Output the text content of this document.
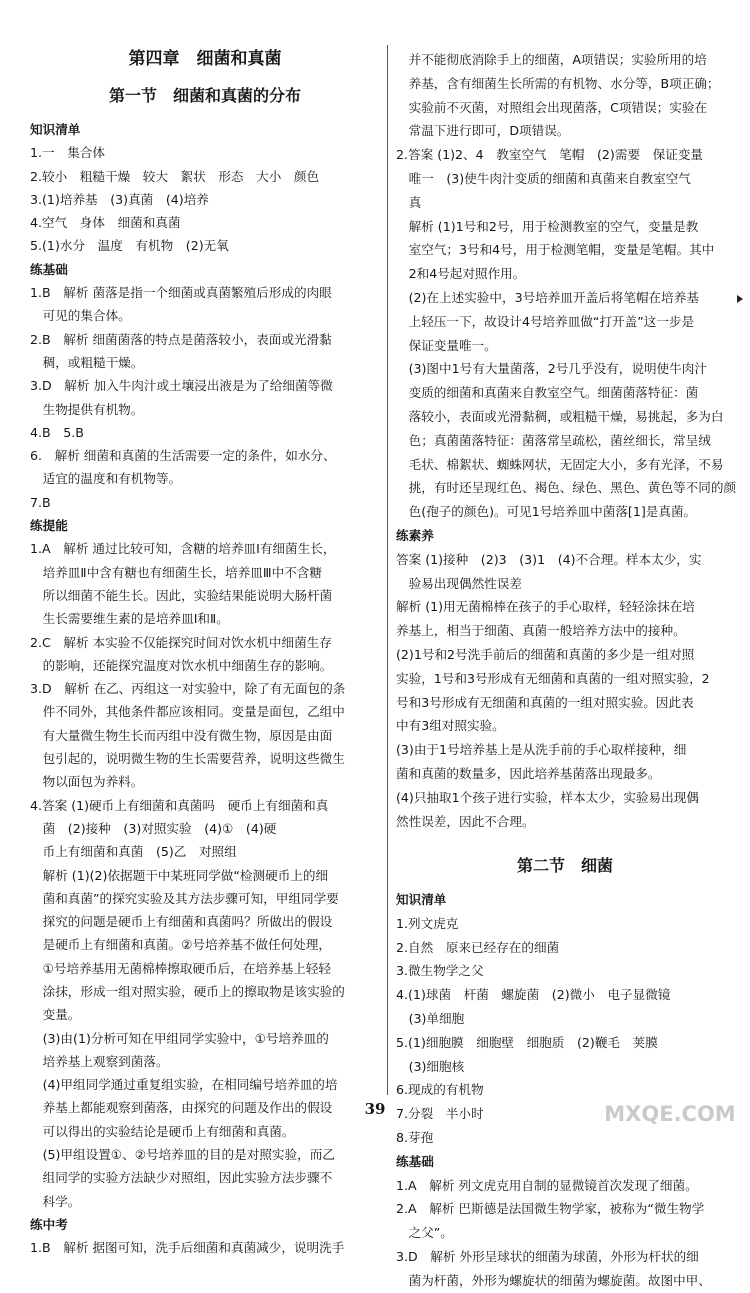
第四章　细菌和真菌
第一节　细菌和真菌的分布
知识清单
1.一　集合体
2.较小　粗糙干燥　较大　絮状　形态　大小　颜色
3.(1)培养基　(3)真菌　(4)培养
4.空气　身体　细菌和真菌
5.(1)水分　温度　有机物　(2)无氧
练基础
1.B　解析 菌落是指一个细菌或真菌繁殖后形成的肉眼
　可见的集合体。
2.B　解析 细菌菌落的特点是菌落较小，表面或光滑黏
　稠，或粗糙干燥。
3.D　解析 加入牛肉汁或土壤浸出液是为了给细菌等微
　生物提供有机物。
4.B　5.B
6.　解析 细菌和真菌的生活需要一定的条件，如水分、
　适宜的温度和有机物等。
7.B
练提能
1.A　解析 通过比较可知，含糖的培养皿Ⅰ有细菌生长，
　培养皿Ⅱ中含有糖也有细菌生长，培养皿Ⅲ中不含糖
　所以细菌不能生长。因此，实验结果能说明大肠杆菌
　生长需要维生素的是培养皿Ⅰ和Ⅱ。
2.C　解析 本实验不仅能探究时间对饮水机中细菌生存
　的影响，还能探究温度对饮水机中细菌生存的影响。
3.D　解析 在乙、丙组这一对实验中，除了有无面包的条
　件不同外，其他条件都应该相同。变量是面包，乙组中
　有大量微生物生长而丙组中没有微生物，原因是由面
　包引起的，说明微生物的生长需要营养，说明这些微生
　物以面包为养料。
4.答案 (1)硬币上有细菌和真菌吗　硬币上有细菌和真
　菌　(2)接种　(3)对照实验　(4)①　(4)硬
　币上有细菌和真菌　(5)乙　对照组
　解析 (1)(2)依据题干中某班同学做“检测硬币上的细
　菌和真菌”的探究实验及其方法步骤可知，甲组同学要
　探究的问题是硬币上有细菌和真菌吗？所做出的假设
　是硬币上有细菌和真菌。②号培养基不做任何处理，
　①号培养基用无菌棉棒擦取硬币后，在培养基上轻轻
　涂抹，形成一组对照实验，硬币上的擦取物是该实验的
　变量。
　(3)由(1)分析可知在甲组同学实验中，①号培养皿的
　培养基上观察到菌落。
　(4)甲组同学通过重复组实验，在相同编号培养皿的培
　养基上都能观察到菌落，由探究的问题及作出的假设
　可以得出的实验结论是硬币上有细菌和真菌。
　(5)甲组设置①、②号培养皿的目的是对照实验，而乙
　组同学的实验方法缺少对照组，因此实验方法步骤不
　科学。
练中考
1.B　解析 据图可知，洗手后细菌和真菌减少，说明洗手
　并不能彻底消除手上的细菌，A项错误；实验所用的培
　养基，含有细菌生长所需的有机物、水分等，B项正确；
　实验前不灭菌，对照组会出现菌落，C项错误；实验在
　常温下进行即可，D项错误。
2.答案 (1)2、4　教室空气　笔帽　(2)需要　保证变量
　唯一　(3)使牛肉汁变质的细菌和真菌来自教室空气
　真
　解析 (1)1号和2号，用于检测教室的空气，变量是教
　室空气；3号和4号，用于检测笔帽，变量是笔帽。其中
　2和4号起对照作用。
　(2)在上述实验中，3号培养皿开盖后将笔帽在培养基
　上轻压一下，故设计4号培养皿做“打开盖”这一步是
　保证变量唯一。
　(3)图中1号有大量菌落，2号几乎没有，说明使牛肉汁
　变质的细菌和真菌来自教室空气。细菌菌落特征：菌
　落较小，表面或光滑黏稠，或粗糙干燥，易挑起，多为白
　色；真菌菌落特征：菌落常呈疏松，菌丝细长，常呈绒
　毛状、棉絮状、蜘蛛网状，无固定大小，多有光泽，不易
　挑，有时还呈现红色、褐色、绿色、黑色、黄色等不同的颜
　色(孢子的颜色)。可见1号培养皿中菌落[1]是真菌。
练素养
答案 (1)接种　(2)3　(3)1　(4)不合理。样本太少，实
　验易出现偶然性误差
解析 (1)用无菌棉棒在孩子的手心取样，轻轻涂抹在培
养基上，相当于细菌、真菌一般培养方法中的接种。
(2)1号和2号洗手前后的细菌和真菌的多少是一组对照
实验，1号和3号形成有无细菌和真菌的一组对照实验，2
号和3号形成有无细菌和真菌的一组对照实验。因此表
中有3组对照实验。
(3)由于1号培养基上是从洗手前的手心取样接种，细
菌和真菌的数量多，因此培养基菌落出现最多。
(4)只抽取1个孩子进行实验，样本太少，实验易出现偶
然性误差，因此不合理。
第二节　细菌
知识清单
1.列文虎克
2.自然　原来已经存在的细菌
3.微生物学之父
4.(1)球菌　杆菌　螺旋菌　(2)微小　电子显微镜
　(3)单细胞
5.(1)细胞膜　细胞壁　细胞质　(2)鞭毛　荚膜
　(3)细胞核
6.现成的有机物
7.分裂　半小时
8.芽孢
练基础
1.A　解析 列文虎克用自制的显微镜首次发现了细菌。
2.A　解析 巴斯德是法国微生物学家，被称为“微生物学
　之父”。
3.D　解析 外形呈球状的细菌为球菌，外形为杆状的细
　菌为杆菌，外形为螺旋状的细菌为螺旋菌。故图中甲、
39	MXQE.COM
